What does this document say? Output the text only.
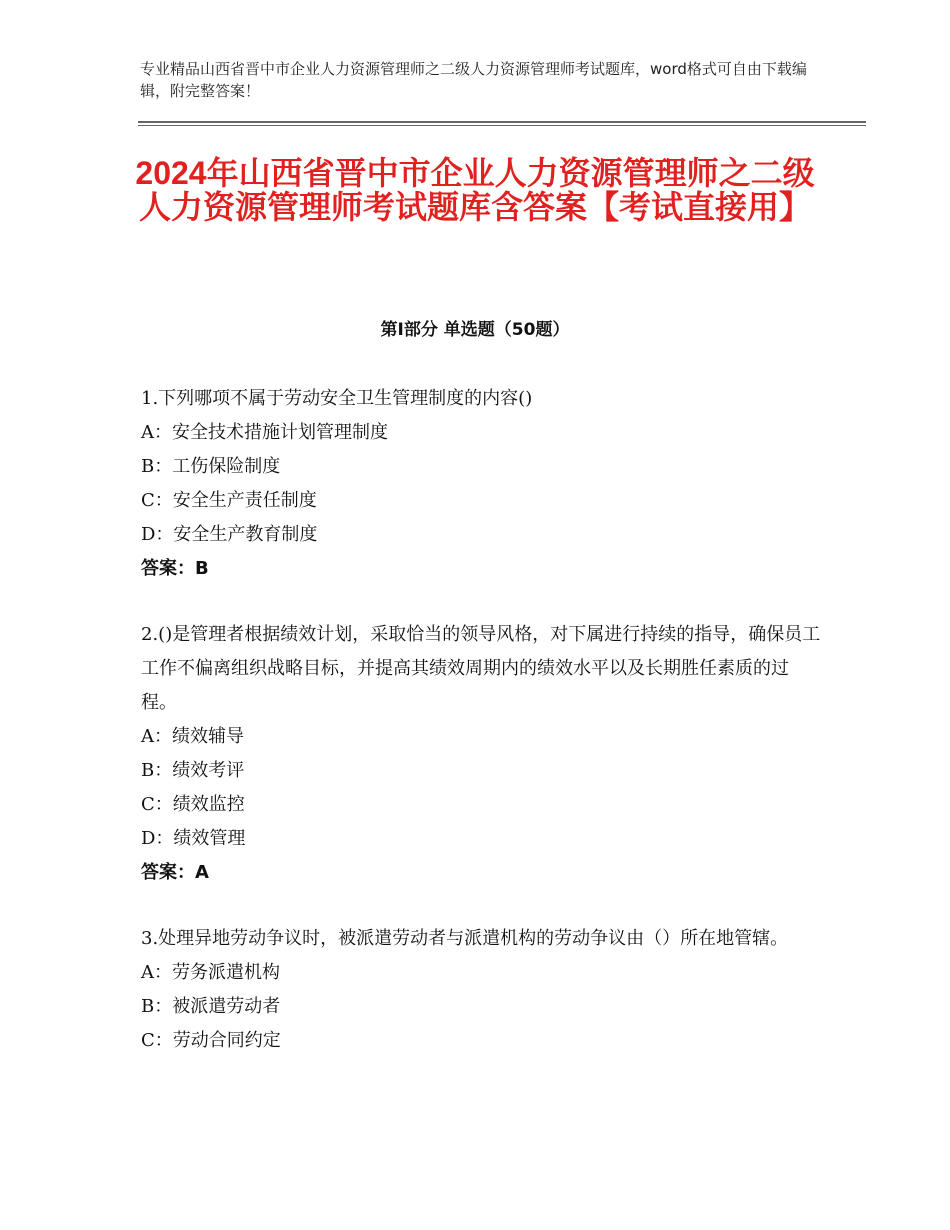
专业精品山西省晋中市企业人力资源管理师之二级人力资源管理师考试题库，word格式可自由下载编辑，附完整答案！
2024年山西省晋中市企业人力资源管理师之二级人力资源管理师考试题库含答案【考试直接用】
第Ⅰ部分 单选题（50题）

1.下列哪项不属于劳动安全卫生管理制度的内容()

A：安全技术措施计划管理制度

B：工伤保险制度

C：安全生产责任制度

D：安全生产教育制度

答案：B

2.()是管理者根据绩效计划，采取恰当的领导风格，对下属进行持续的指导，确保员工工作不偏离组织战略目标，并提高其绩效周期内的绩效水平以及长期胜任素质的过程。

A：绩效辅导

B：绩效考评

C：绩效监控

D：绩效管理

答案：A

3.处理异地劳动争议时，被派遣劳动者与派遣机构的劳动争议由（）所在地管辖。

A：劳务派遣机构

B：被派遣劳动者

C：劳动合同约定
